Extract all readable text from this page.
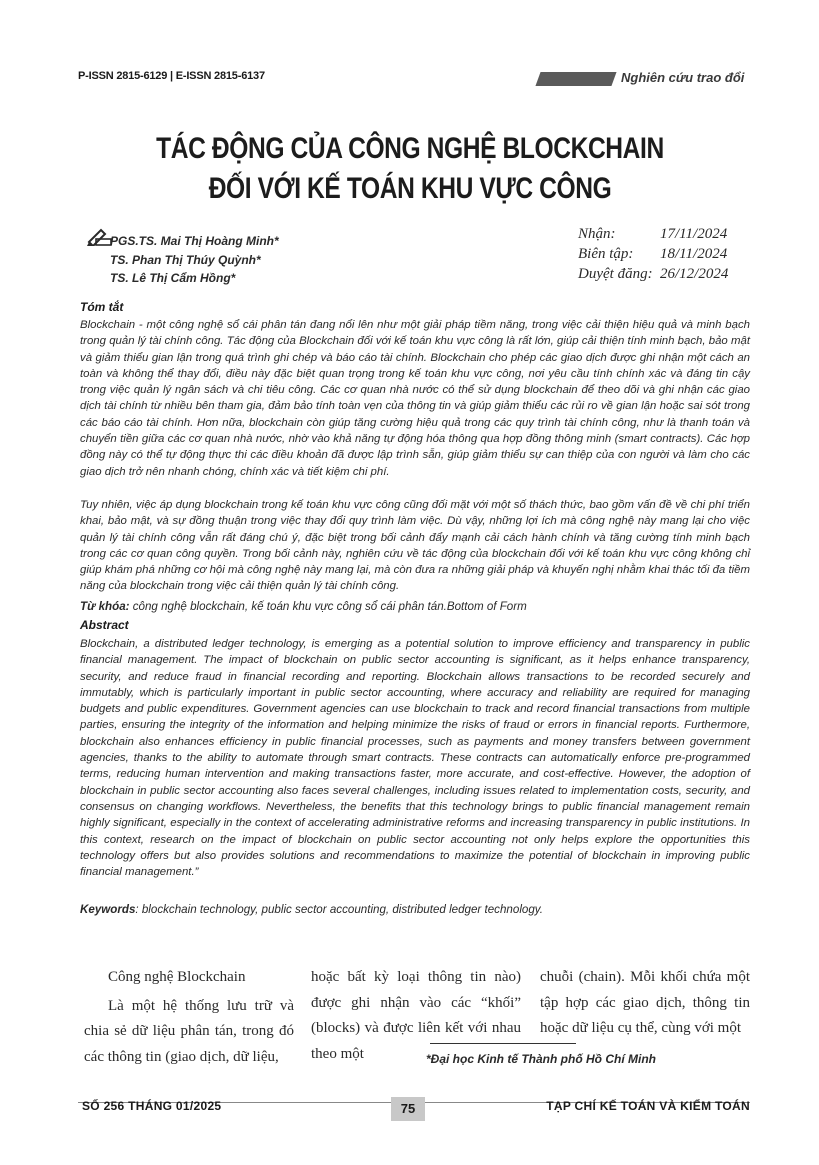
P-ISSN 2815-6129 | E-ISSN 2815-6137	Nghiên cứu trao đổi
TÁC ĐỘNG CỦA CÔNG NGHỆ BLOCKCHAIN
ĐỐI VỚI KẾ TOÁN KHU VỰC CÔNG
PGS.TS. Mai Thị Hoàng Minh*
TS. Phan Thị Thúy Quỳnh*
TS. Lê Thị Cẩm Hồng*
Nhận:	17/11/2024
Biên tập:	18/11/2024
Duyệt đăng: 26/12/2024
Tóm tắt
Blockchain - một công nghệ sổ cái phân tán đang nổi lên như một giải pháp tiềm năng, trong việc cải thiện hiệu quả và minh bạch trong quản lý tài chính công. Tác động của Blockchain đối với kế toán khu vực công là rất lớn, giúp cải thiện tính minh bạch, bảo mật và giảm thiểu gian lận trong quá trình ghi chép và báo cáo tài chính. Blockchain cho phép các giao dịch được ghi nhận một cách an toàn và không thể thay đổi, điều này đặc biệt quan trọng trong kế toán khu vực công, nơi yêu cầu tính chính xác và đáng tin cậy trong việc quản lý ngân sách và chi tiêu công. Các cơ quan nhà nước có thể sử dụng blockchain để theo dõi và ghi nhận các giao dịch tài chính từ nhiều bên tham gia, đảm bảo tính toàn vẹn của thông tin và giúp giảm thiểu các rủi ro về gian lận hoặc sai sót trong các báo cáo tài chính. Hơn nữa, blockchain còn giúp tăng cường hiệu quả trong các quy trình tài chính công, như là thanh toán và chuyển tiền giữa các cơ quan nhà nước, nhờ vào khả năng tự động hóa thông qua hợp đồng thông minh (smart contracts). Các hợp đồng này có thể tự động thực thi các điều khoản đã được lập trình sẵn, giúp giảm thiểu sự can thiệp của con người và làm cho các giao dịch trở nên nhanh chóng, chính xác và tiết kiệm chi phí.
Tuy nhiên, việc áp dụng blockchain trong kế toán khu vực công cũng đối mặt với một số thách thức, bao gồm vấn đề về chi phí triển khai, bảo mật, và sự đồng thuận trong việc thay đổi quy trình làm việc. Dù vậy, những lợi ích mà công nghệ này mang lại cho việc quản lý tài chính công vẫn rất đáng chú ý, đặc biệt trong bối cảnh đẩy mạnh cải cách hành chính và tăng cường tính minh bạch trong các cơ quan công quyền. Trong bối cảnh này, nghiên cứu về tác động của blockchain đối với kế toán khu vực công không chỉ giúp khám phá những cơ hội mà công nghệ này mang lại, mà còn đưa ra những giải pháp và khuyến nghị nhằm khai thác tối đa tiềm năng của blockchain trong việc cải thiện quản lý tài chính công.
Từ khóa: công nghệ blockchain, kế toán khu vực công sổ cái phân tán.Bottom of Form
Abstract
Blockchain, a distributed ledger technology, is emerging as a potential solution to improve efficiency and transparency in public financial management. The impact of blockchain on public sector accounting is significant, as it helps enhance transparency, security, and reduce fraud in financial recording and reporting. Blockchain allows transactions to be recorded securely and immutably, which is particularly important in public sector accounting, where accuracy and reliability are required for managing budgets and public expenditures. Government agencies can use blockchain to track and record financial transactions from multiple parties, ensuring the integrity of the information and helping minimize the risks of fraud or errors in financial reports. Furthermore, blockchain also enhances efficiency in public financial processes, such as payments and money transfers between government agencies, thanks to the ability to automate through smart contracts. These contracts can automatically enforce pre-programmed terms, reducing human intervention and making transactions faster, more accurate, and cost-effective. However, the adoption of blockchain in public sector accounting also faces several challenges, including issues related to implementation costs, security, and consensus on changing workflows. Nevertheless, the benefits that this technology brings to public financial management remain highly significant, especially in the context of accelerating administrative reforms and increasing transparency in public institutions. In this context, research on the impact of blockchain on public sector accounting not only helps explore the opportunities this technology offers but also provides solutions and recommendations to maximize the potential of blockchain in improving public financial management.”
Keywords: blockchain technology, public sector accounting, distributed ledger technology.
Công nghệ Blockchain
Là một hệ thống lưu trữ và chia sẻ dữ liệu phân tán, trong đó các thông tin (giao dịch, dữ liệu,
hoặc bất kỳ loại thông tin nào) được ghi nhận vào các “khối” (blocks) và được liên kết với nhau theo một
chuỗi (chain). Mỗi khối chứa một tập hợp các giao dịch, thông tin hoặc dữ liệu cụ thể, cùng với một
*Đại học Kinh tế Thành phố Hồ Chí Minh
SỐ 256 THÁNG 01/2025	75	TẠP CHÍ KẾ TOÁN VÀ KIỂM TOÁN
